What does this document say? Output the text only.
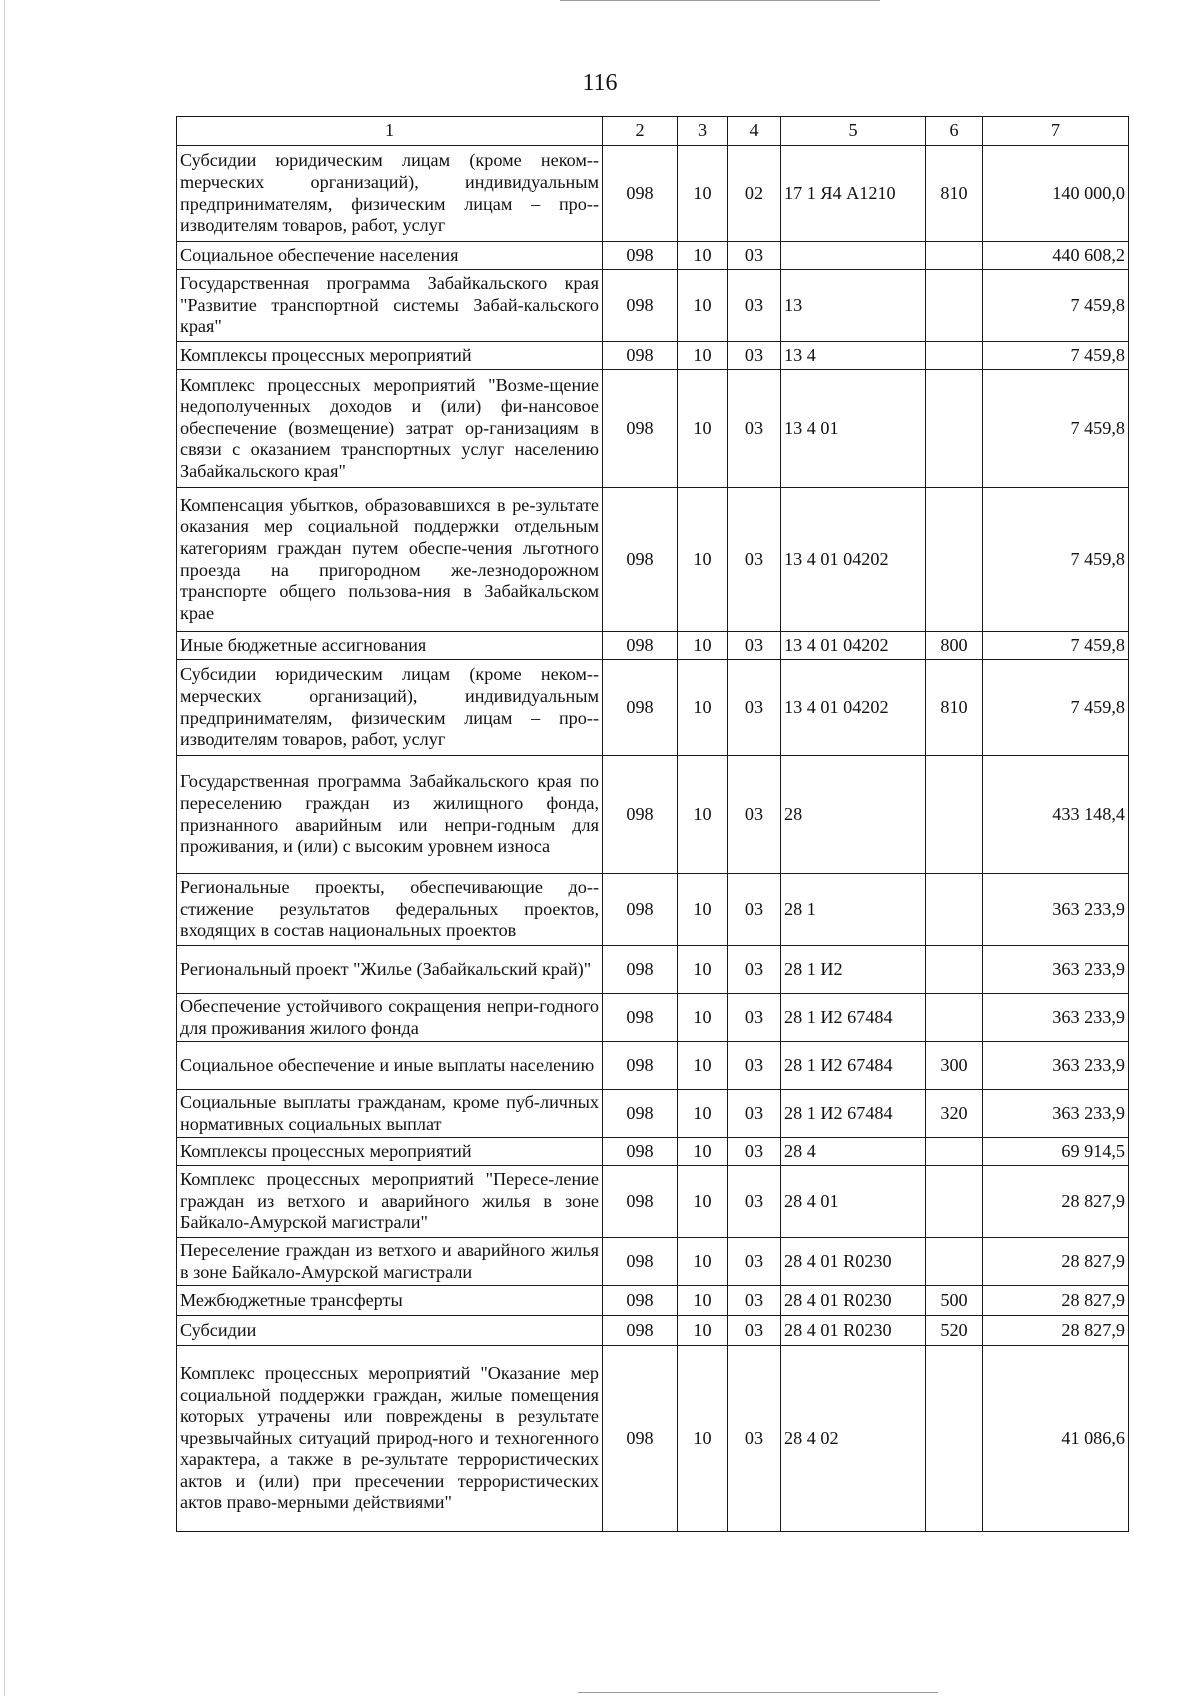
116
1	2	3	4	5	6	7
Субсидии юридическим лицам (кроме неком-mерческих организаций), индивидуальным предпринимателям, физическим лицам – про-изводителям товаров, работ, услуг	098	10	02	17 1 Я4 А1210	810	140 000,0
Социальное обеспечение населения	098	10	03			440 608,2
Государственная программа Забайкальского края "Развитие транспортной системы Забай-кальского края"	098	10	03	13		7 459,8
Комплексы процессных мероприятий	098	10	03	13 4		7 459,8
Комплекс процессных мероприятий "Возме-щение недополученных доходов и (или) фи-нансовое обеспечение (возмещение) затрат ор-ганизациям в связи с оказанием транспортных услуг населению Забайкальского края"	098	10	03	13 4 01		7 459,8
Компенсация убытков, образовавшихся в ре-зультате оказания мер социальной поддержки отдельным категориям граждан путем обеспе-чения льготного проезда на пригородном же-лезнодорожном транспорте общего пользова-ния в Забайкальском крае	098	10	03	13 4 01 04202		7 459,8
Иные бюджетные ассигнования	098	10	03	13 4 01 04202	800	7 459,8
Субсидии юридическим лицам (кроме неком-мерческих организаций), индивидуальным предпринимателям, физическим лицам – про-изводителям товаров, работ, услуг	098	10	03	13 4 01 04202	810	7 459,8
Государственная программа Забайкальского края по переселению граждан из жилищного фонда, признанного аварийным или непри-годным для проживания, и (или) с высоким уровнем износа	098	10	03	28		433 148,4
Региональные проекты, обеспечивающие до-стижение результатов федеральных проектов, входящих в состав национальных проектов	098	10	03	28 1		363 233,9
Региональный проект "Жилье (Забайкальский край)"	098	10	03	28 1 И2		363 233,9
Обеспечение устойчивого сокращения непри-годного для проживания жилого фонда	098	10	03	28 1 И2 67484		363 233,9
Социальное обеспечение и иные выплаты населению	098	10	03	28 1 И2 67484	300	363 233,9
Социальные выплаты гражданам, кроме пуб-личных нормативных социальных выплат	098	10	03	28 1 И2 67484	320	363 233,9
Комплексы процессных мероприятий	098	10	03	28 4		69 914,5
Комплекс процессных мероприятий "Пересе-ление граждан из ветхого и аварийного жилья в зоне Байкало-Амурской магистрали"	098	10	03	28 4 01		28 827,9
Переселение граждан из ветхого и аварийного жилья в зоне Байкало-Амурской магистрали	098	10	03	28 4 01 R0230		28 827,9
Межбюджетные трансферты	098	10	03	28 4 01 R0230	500	28 827,9
Субсидии	098	10	03	28 4 01 R0230	520	28 827,9
Комплекс процессных мероприятий "Оказание мер социальной поддержки граждан, жилые помещения которых утрачены или повреждены в результате чрезвычайных ситуаций природ-ного и техногенного характера, а также в ре-зультате террористических актов и (или) при пресечении террористических актов право-мерными действиями"	098	10	03	28 4 02		41 086,6
